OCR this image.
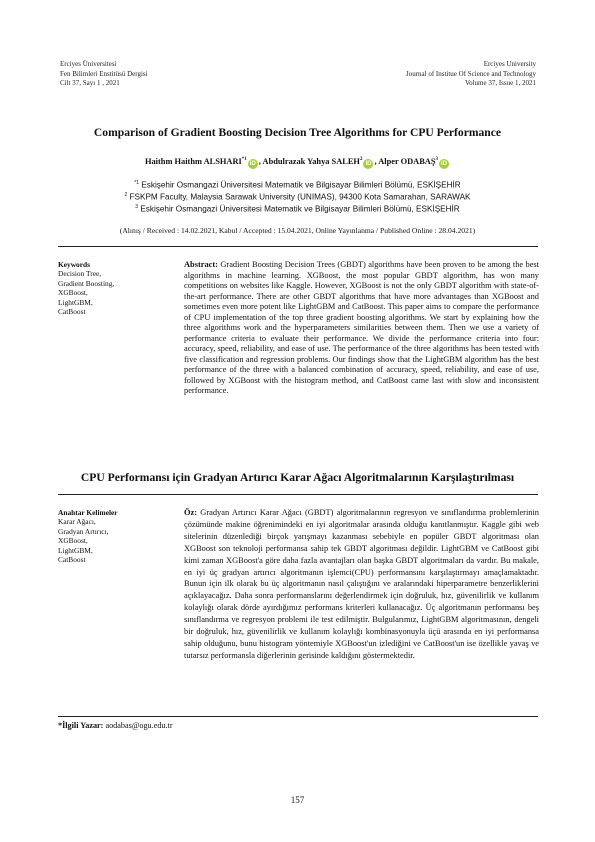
Erciyes Üniversitesi
Fen Bilimleri Enstitüsü Dergisi
Cilt 37, Sayı 1 , 2021
Erciyes University
Journal of Institue Of Science and Technology
Volume 37, Issue 1, 2021
Comparison of Gradient Boosting Decision Tree Algorithms for CPU Performance
Haithm Haithm ALSHARI$^{*1}$iD , Abdulrazak Yahya SALEH$^2$iD , Alper ODABAŞ$^3$iD
$^{*1}$ Eskişehir Osmangazi Üniversitesi Matematik ve Bilgisayar Bilimleri Bölümü, ESKİŞEHİR
$^2$ FSKPM Faculty, Malaysia Sarawak University (UNIMAS), 94300 Kota Samarahan, SARAWAK
$^3$ Eskişehir Osmangazi Üniversitesi Matematik ve Bilgisayar Bilimleri Bölümü, ESKİŞEHİR
(Alınış / Received : 14.02.2021, Kabul / Accepted : 15.04.2021, Online Yayınlanma / Published Online : 28.04.2021)
Keywords
Decision Tree,
Gradient Boosting,
XGBoost,
LightGBM,
CatBoost
Abstract: Gradient Boosting Decision Trees (GBDT) algorithms have been proven to be among the best algorithms in machine learning. XGBoost, the most popular GBDT algorithm, has won many competitions on websites like Kaggle. However, XGBoost is not the only GBDT algorithm with state-of-the-art performance. There are other GBDT algorithms that have more advantages than XGBoost and sometimes even more potent like LightGBM and CatBoost. This paper aims to compare the performance of CPU implementation of the top three gradient boosting algorithms. We start by explaining how the three algorithms work and the hyperparameters similarities between them. Then we use a variety of performance criteria to evaluate their performance. We divide the performance criteria into four: accuracy, speed, reliability, and ease of use. The performance of the three algorithms has been tested with five classification and regression problems. Our findings show that the LightGBM algorithm has the best performance of the three with a balanced combination of accuracy, speed, reliability, and ease of use, followed by XGBoost with the histogram method, and CatBoost came last with slow and inconsistent performance.
CPU Performansı için Gradyan Artırıcı Karar Ağacı Algoritmalarının Karşılaştırılması
Anahtar Kelimeler
Karar Ağacı,
Gradyan Artırıcı,
XGBoost,
LightGBM,
CatBoost
Öz: Gradyan Artırıcı Karar Ağacı (GBDT) algoritmalarının regresyon ve sınıflandırma problemlerinin çözümünde makine öğrenimindeki en iyi algoritmalar arasında olduğu kanıtlanmıştır. Kaggle gibi web sitelerinin düzenlediği birçok yarışmayı kazanması sebebiyle en popüler GBDT algoritması olan XGBoost son teknoloji performansa sahip tek GBDT algoritması değildir. LightGBM ve CatBoost gibi kimi zaman XGBoost'a göre daha fazla avantajları olan başka GBDT algoritmaları da vardır. Bu makale, en iyi üç gradyan artırıcı algoritmanın işlemci(CPU) performansını karşılaştırmayı amaçlamaktadır. Bunun için ilk olarak bu üç algoritmanın nasıl çalıştığını ve aralarındaki hiperparametre benzerliklerini açıklayacağız. Daha sonra performanslarını değerlendirmek için doğruluk, hız, güvenilirlik ve kullanım kolaylığı olarak dörde ayırdığımız performans kriterleri kullanacağız. Üç algoritmanın performansı beş sınıflandırma ve regresyon problemi ile test edilmiştir. Bulgularımız, LightGBM algoritmasının, dengeli bir doğruluk, hız, güvenilirlik ve kullanım kolaylığı kombinasyonuyla üçü arasında en iyi performansa sahip olduğunu, bunu histogram yöntemiyle XGBoost'un izlediğini ve CatBoost'un ise özellikle yavaş ve tutarsız performansla diğerlerinin gerisinde kaldığını göstermektedir.
*İlgili Yazar: aodabas@ogu.edu.tr
157
